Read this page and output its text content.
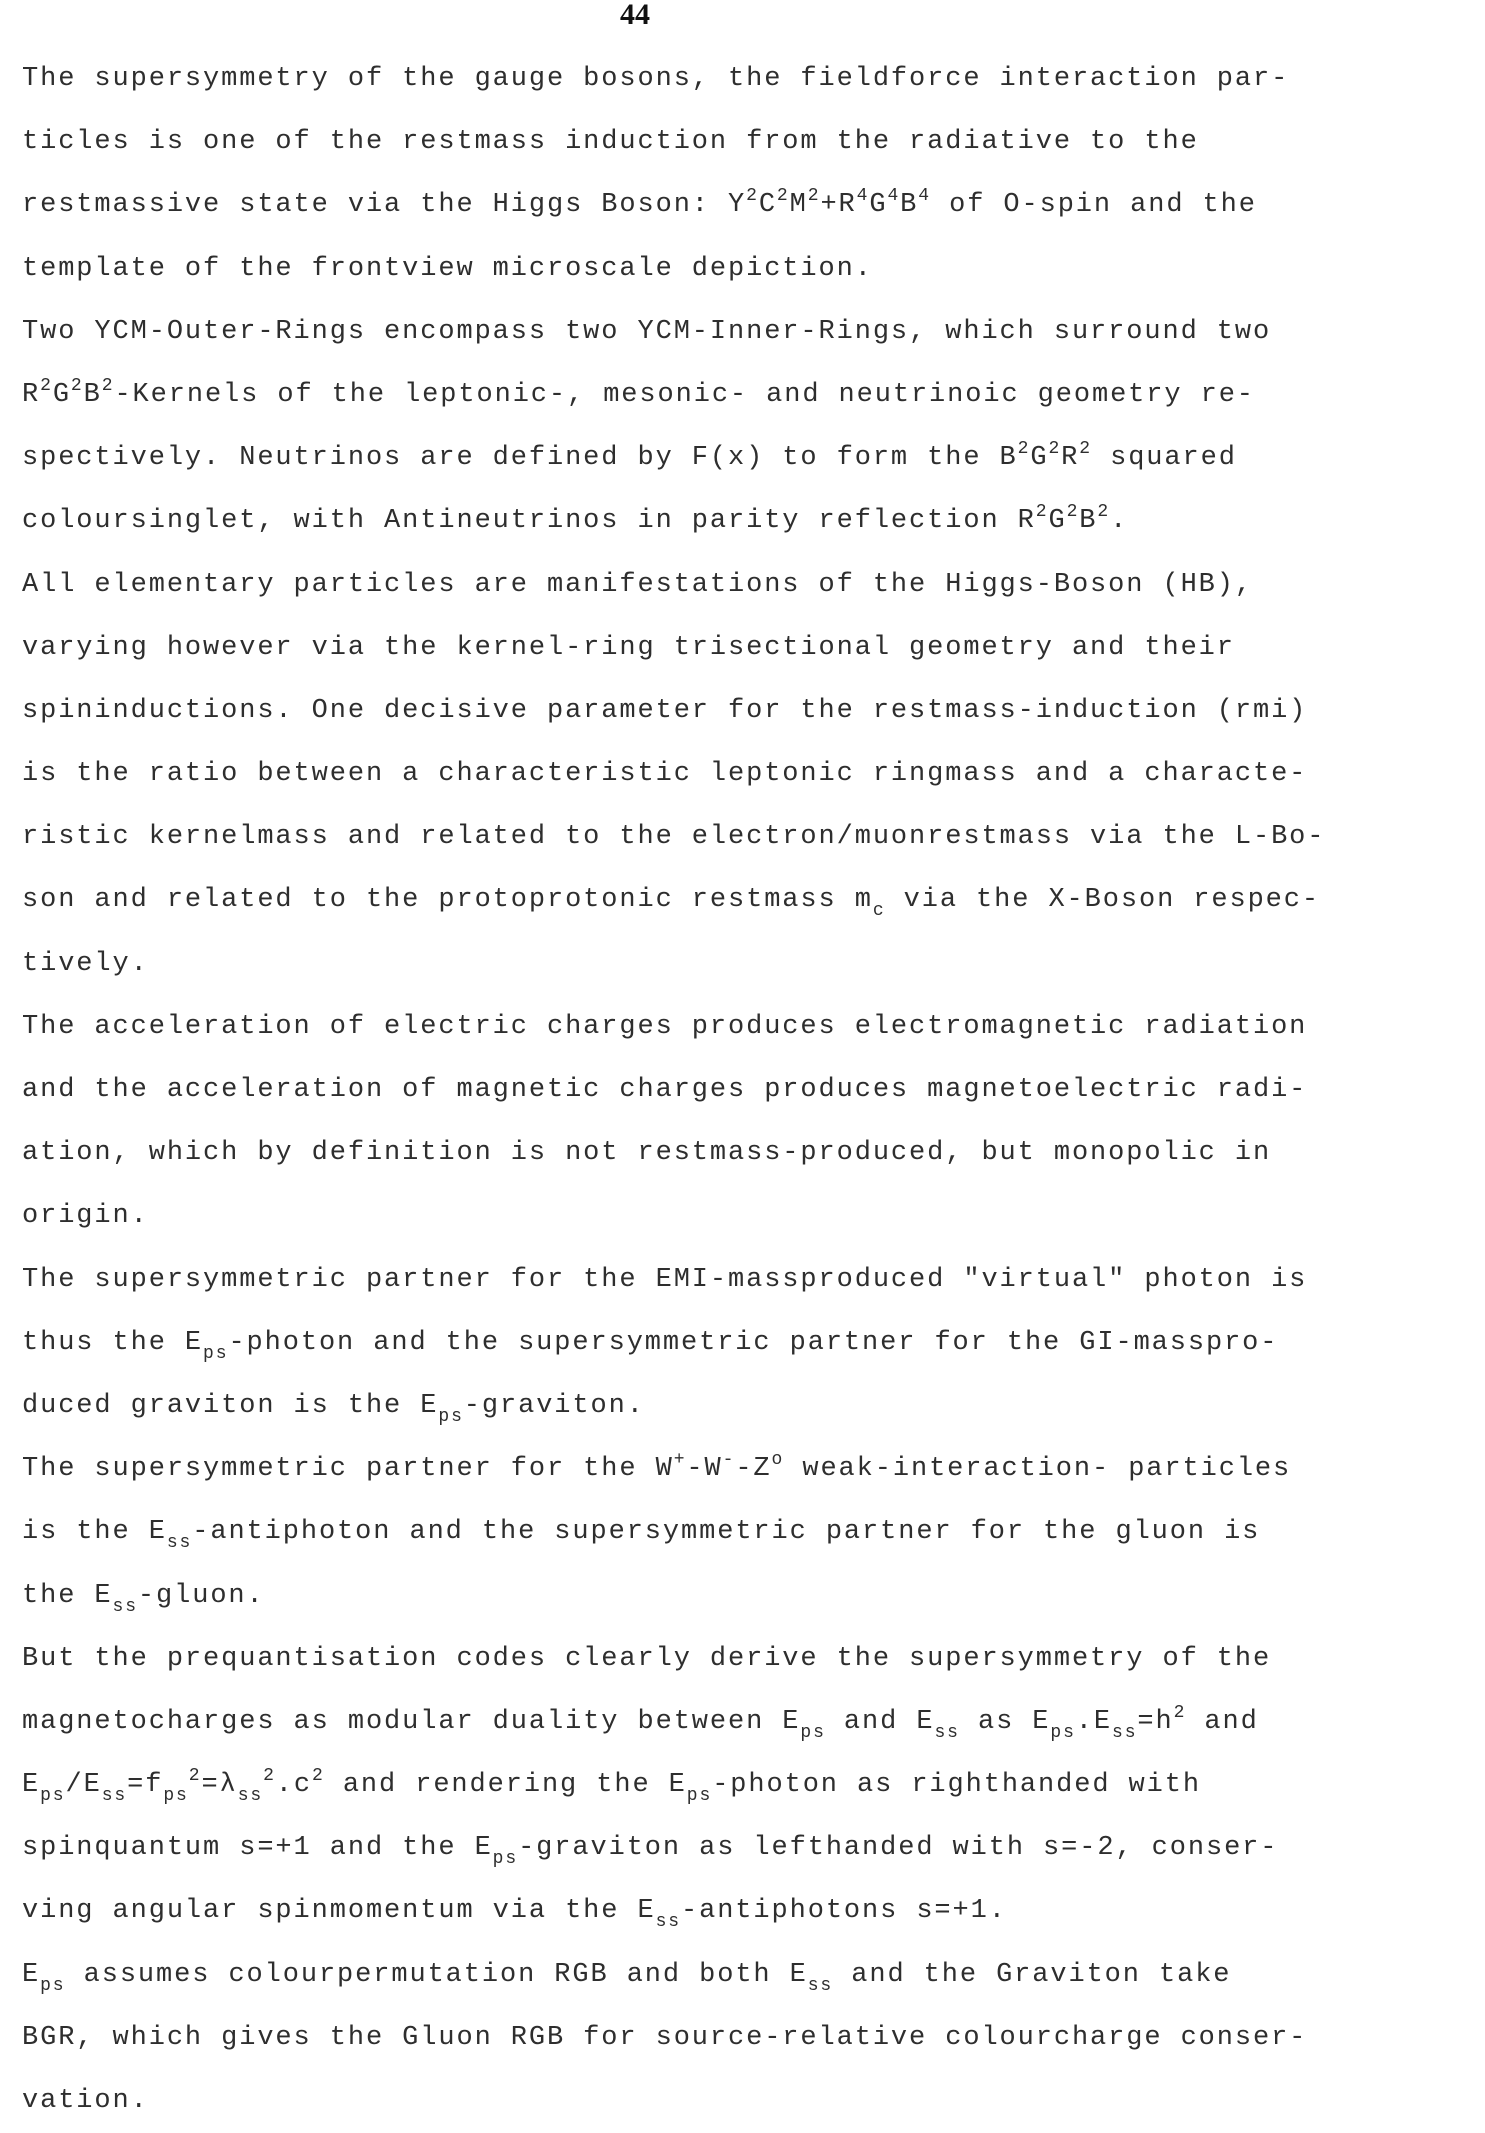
44
The supersymmetry of the gauge bosons, the fieldforce interaction par-
ticles is one of the restmass induction from the radiative to the
restmassive state via the Higgs Boson: $Y^2C^2M^2+R^4G^4B^4$ of O-spin and the
template of the frontview microscale depiction.
Two YCM-Outer-Rings encompass two YCM-Inner-Rings, which surround two
$R^2G^2B^2$-Kernels of the leptonic-, mesonic- and neutrinoic geometry re-
spectively. Neutrinos are defined by F(x) to form the $B^2G^2R^2$ squared
coloursinglet, with Antineutrinos in parity reflection $R^2G^2B^2$.
All elementary particles are manifestations of the Higgs-Boson (HB),
varying however via the kernel-ring trisectional geometry and their
spininductions. One decisive parameter for the restmass-induction (rmi)
is the ratio between a characteristic leptonic ringmass and a characte-
ristic kernelmass and related to the electron/muonrestmass via the L-Bo-
son and related to the protoprotonic restmass $m_c$ via the X-Boson respec-
tively.
The acceleration of electric charges produces electromagnetic radiation
and the acceleration of magnetic charges produces magnetoelectric radi-
ation, which by definition is not restmass-produced, but monopolic in
origin.
The supersymmetric partner for the EMI-massproduced "virtual" photon is
thus the $E_{ps}$-photon and the supersymmetric partner for the GI-masspro-
duced graviton is the $E_{ps}$-graviton.
The supersymmetric partner for the $W^+-W^--Z^o$ weak-interaction- particles
is the $E_{ss}$-antiphoton and the supersymmetric partner for the gluon is
the $E_{ss}$-gluon.
But the prequantisation codes clearly derive the supersymmetry of the
magnetocharges as modular duality between $E_{ps}$ and $E_{ss}$ as $E_{ps}.E_{ss}=h^2$ and
$E_{ps}/E_{ss}=f_{ps}^2=\lambda_{ss}^2.c^2$ and rendering the $E_{ps}$-photon as righthanded with
spinquantum s=+1 and the $E_{ps}$-graviton as lefthanded with s=-2, conser-
ving angular spinmomentum via the $E_{ss}$-antiphotons s=+1.
$E_{ps}$ assumes colourpermutation RGB and both $E_{ss}$ and the Graviton take
BGR, which gives the Gluon RGB for source-relative colourcharge conser-
vation.
